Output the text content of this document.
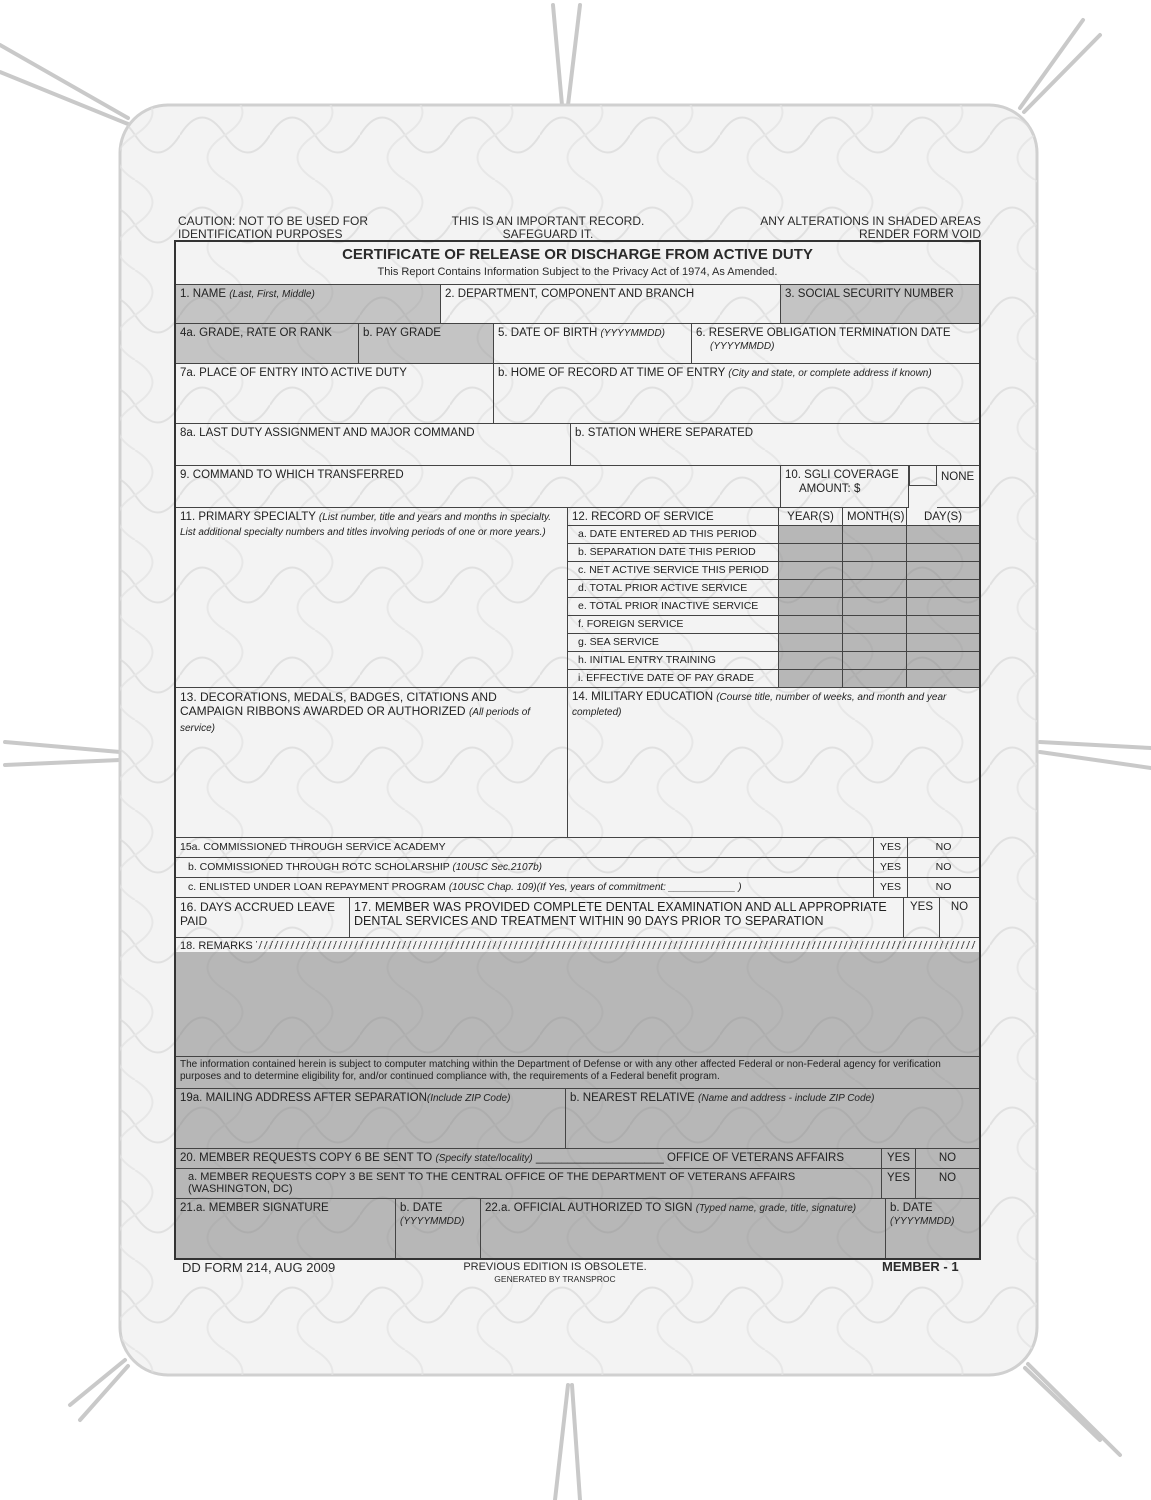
CAUTION: NOT TO BE USED FOR IDENTIFICATION PURPOSES
THIS IS AN IMPORTANT RECORD. SAFEGUARD IT.
ANY ALTERATIONS IN SHADED AREAS RENDER FORM VOID
CERTIFICATE OF RELEASE OR DISCHARGE FROM ACTIVE DUTY
This Report Contains Information Subject to the Privacy Act of 1974, As Amended.
1. NAME (Last, First, Middle)	2. DEPARTMENT, COMPONENT AND BRANCH	3. SOCIAL SECURITY NUMBER
4a. GRADE, RATE OR RANK	b. PAY GRADE	5. DATE OF BIRTH (YYYYMMDD)	6. RESERVE OBLIGATION TERMINATION DATE
(YYYYMMDD)
7a. PLACE OF ENTRY INTO ACTIVE DUTY	b. HOME OF RECORD AT TIME OF ENTRY (City and state, or complete address if known)
8a. LAST DUTY ASSIGNMENT AND MAJOR COMMAND	b. STATION WHERE SEPARATED
9. COMMAND TO WHICH TRANSFERRED	10. SGLI COVERAGE
AMOUNT: $
NONE
11. PRIMARY SPECIALTY (List number, title and years and months in specialty. List additional specialty numbers and titles involving periods of one or more years.)
12. RECORD OF SERVICE	YEAR(S)	MONTH(S)	DAY(S)
a. DATE ENTERED AD THIS PERIOD
b. SEPARATION DATE THIS PERIOD
c. NET ACTIVE SERVICE THIS PERIOD
d. TOTAL PRIOR ACTIVE SERVICE
e. TOTAL PRIOR INACTIVE SERVICE
f. FOREIGN SERVICE
g. SEA SERVICE
h. INITIAL ENTRY TRAINING
i. EFFECTIVE DATE OF PAY GRADE
13. DECORATIONS, MEDALS, BADGES, CITATIONS AND CAMPAIGN RIBBONS AWARDED OR AUTHORIZED (All periods of service)
14. MILITARY EDUCATION (Course title, number of weeks, and month and year completed)
15a. COMMISSIONED THROUGH SERVICE ACADEMY	YES	NO
b. COMMISSIONED THROUGH ROTC SCHOLARSHIP (10USC Sec.2107b)	YES	NO
c. ENLISTED UNDER LOAN REPAYMENT PROGRAM (10USC Chap. 109)(If Yes, years of commitment: ____________ )	YES	NO
16. DAYS ACCRUED LEAVE PAID
17. MEMBER WAS PROVIDED COMPLETE DENTAL EXAMINATION AND ALL APPROPRIATE DENTAL SERVICES AND TREATMENT WITHIN 90 DAYS PRIOR TO SEPARATION
YES	NO
18. REMARKS
The information contained herein is subject to computer matching within the Department of Defense or with any other affected Federal or non-Federal agency for verification purposes and to determine eligibility for, and/or continued compliance with, the requirements of a Federal benefit program.
19a. MAILING ADDRESS AFTER SEPARATION(Include ZIP Code)	b. NEAREST RELATIVE (Name and address - include ZIP Code)
20. MEMBER REQUESTS COPY 6 BE SENT TO (Specify state/locality) ____________________ OFFICE OF VETERANS AFFAIRS	YES	NO
a. MEMBER REQUESTS COPY 3 BE SENT TO THE CENTRAL OFFICE OF THE DEPARTMENT OF VETERANS AFFAIRS (WASHINGTON, DC)
YES	NO
21.a. MEMBER SIGNATURE	b. DATE
(YYYYMMDD)
22.a. OFFICIAL AUTHORIZED TO SIGN (Typed name, grade, title, signature)	b. DATE
(YYYYMMDD)
DD FORM 214, AUG 2009	PREVIOUS EDITION IS OBSOLETE.
GENERATED BY TRANSPROC
MEMBER - 1
